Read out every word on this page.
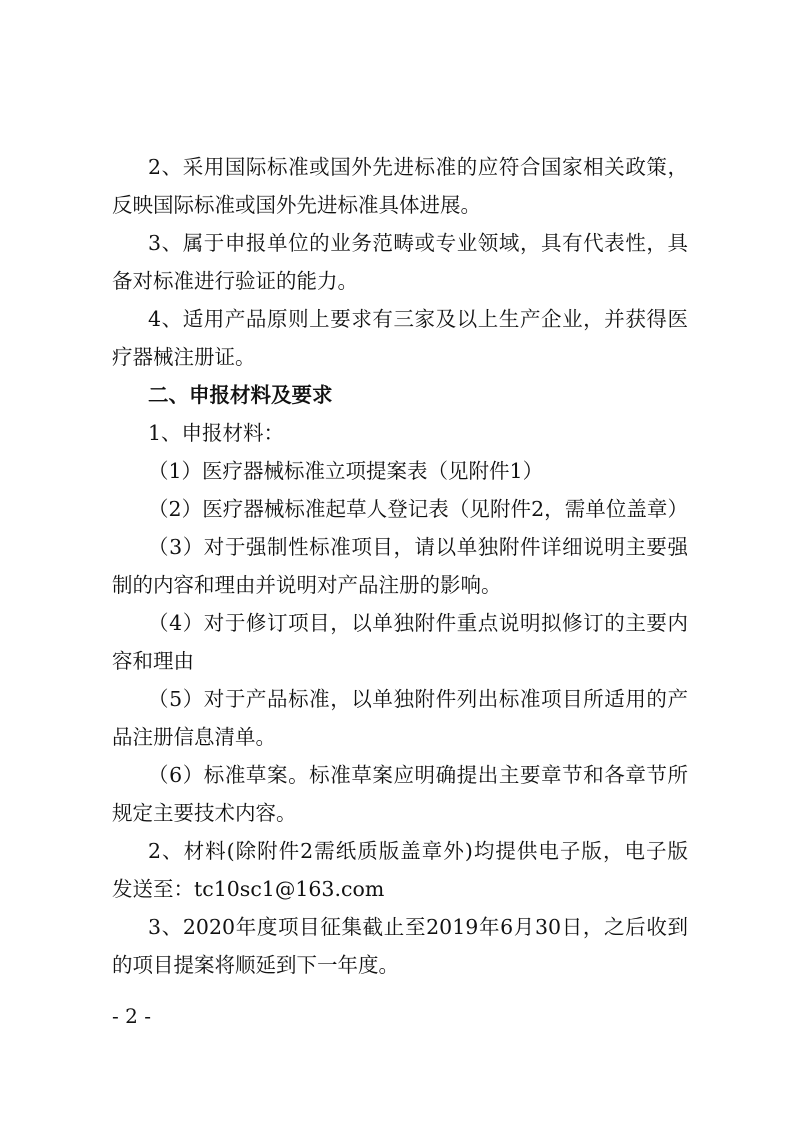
2、采用国际标准或国外先进标准的应符合国家相关政策，
反映国际标准或国外先进标准具体进展。
3、属于申报单位的业务范畴或专业领域，具有代表性，具
备对标准进行验证的能力。
4、适用产品原则上要求有三家及以上生产企业，并获得医
疗器械注册证。
二、申报材料及要求
1、申报材料：
（1）医疗器械标准立项提案表（见附件1）
（2）医疗器械标准起草人登记表（见附件2，需单位盖章）
（3）对于强制性标准项目，请以单独附件详细说明主要强
制的内容和理由并说明对产品注册的影响。
（4）对于修订项目，以单独附件重点说明拟修订的主要内
容和理由
（5）对于产品标准，以单独附件列出标准项目所适用的产
品注册信息清单。
（6）标准草案。标准草案应明确提出主要章节和各章节所
规定主要技术内容。
2、材料(除附件2需纸质版盖章外)均提供电子版，电子版
发送至：tc10sc1@163.com
3、2020年度项目征集截止至2019年6月30日，之后收到
的项目提案将顺延到下一年度。
- 2 -
